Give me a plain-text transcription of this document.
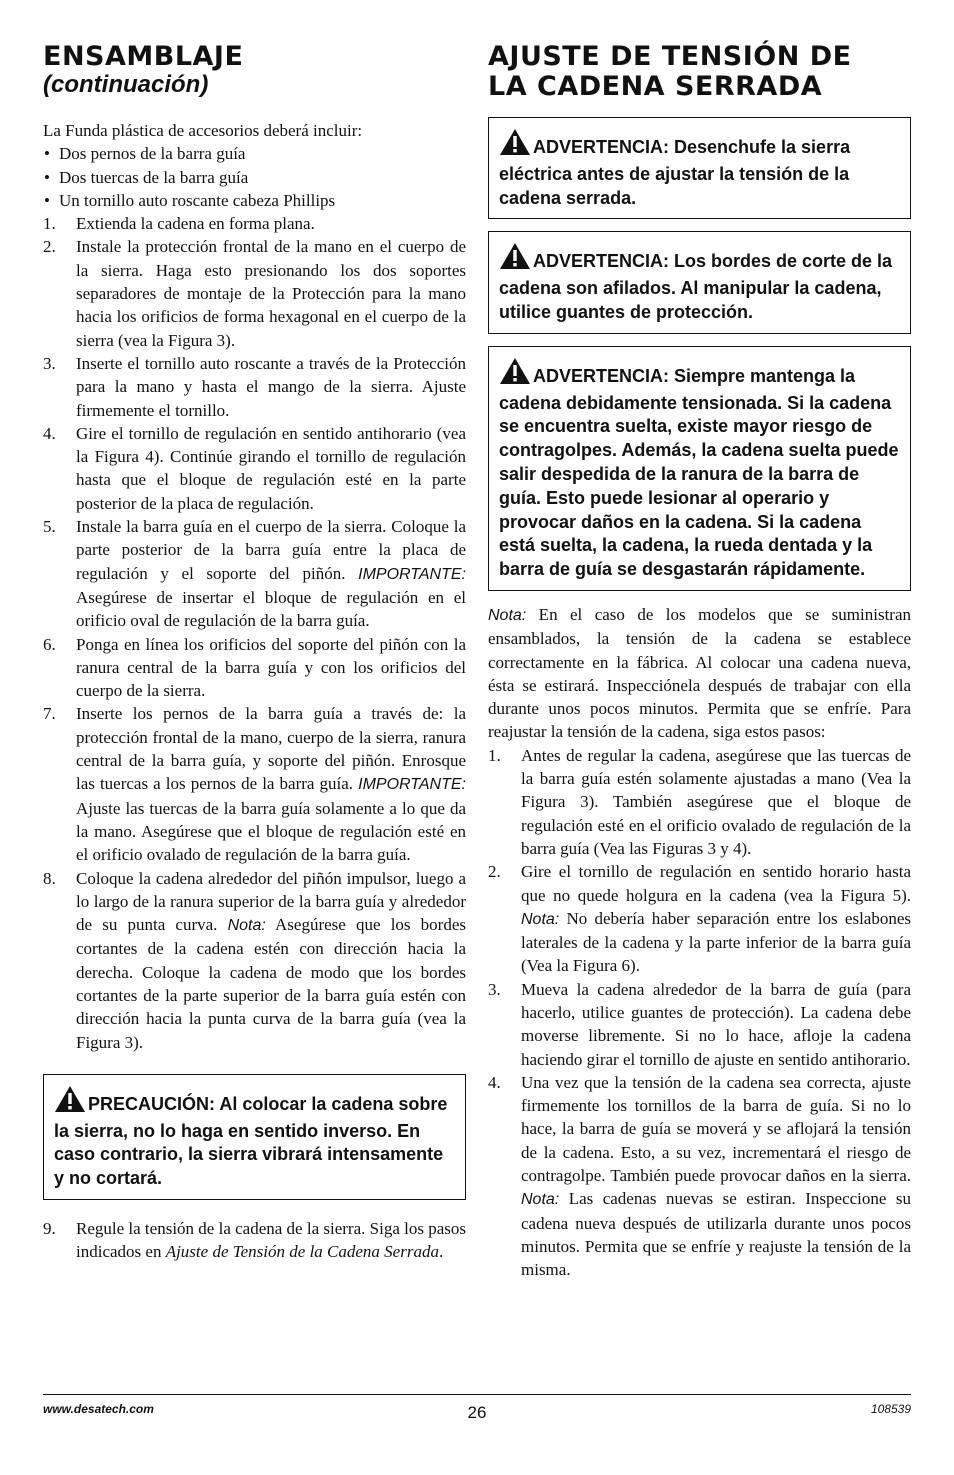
ENSAMBLAJE
(continuación)

La Funda plástica de accesorios deberá incluir:

• Dos pernos de la barra guía
• Dos tuercas de la barra guía
• Un tornillo auto roscante cabeza Phillips
1. Extienda la cadena en forma plana.
2. Instale la protección frontal de la mano en el cuerpo de la sierra. Haga esto presionando los dos soportes separadores de montaje de la Protección para la mano hacia los orificios de forma hexagonal en el cuerpo de la sierra (vea la Figura 3).
3. Inserte el tornillo auto roscante a través de la Protección para la mano y hasta el mango de la sierra. Ajuste firmemente el tornillo.
4. Gire el tornillo de regulación en sentido antihorario (vea la Figura 4). Continúe girando el tornillo de regulación hasta que el bloque de regulación esté en la parte posterior de la placa de regulación.
5. Instale la barra guía en el cuerpo de la sierra. Coloque la parte posterior de la barra guía entre la placa de regulación y el soporte del piñón. IMPORTANTE: Asegúrese de insertar el bloque de regulación en el orificio oval de regulación de la barra guía.
6. Ponga en línea los orificios del soporte del piñón con la ranura central de la barra guía y con los orificios del cuerpo de la sierra.
7. Inserte los pernos de la barra guía a través de: la protección frontal de la mano, cuerpo de la sierra, ranura central de la barra guía, y soporte del piñón. Enrosque las tuercas a los pernos de la barra guía. IMPORTANTE: Ajuste las tuercas de la barra guía solamente a lo que da la mano. Asegúrese que el bloque de regulación esté en el orificio ovalado de regulación de la barra guía.
8. Coloque la cadena alrededor del piñón impulsor, luego a lo largo de la ranura superior de la barra guía y alrededor de su punta curva. Nota: Asegúrese que los bordes cortantes de la cadena estén con dirección hacia la derecha. Coloque la cadena de modo que los bordes cortantes de la parte superior de la barra guía estén con dirección hacia la punta curva de la barra guía (vea la Figura 3).
PRECAUCIÓN: Al colocar la cadena sobre la sierra, no lo haga en sentido inverso. En caso contrario, la sierra vibrará intensamente y no cortará.
9. Regule la tensión de la cadena de la sierra. Siga los pasos indicados en Ajuste de Tensión de la Cadena Serrada.
AJUSTE DE TENSIÓN DE
LA CADENA SERRADA
ADVERTENCIA: Desenchufe la sierra eléctrica antes de ajustar la tensión de la cadena serrada.
ADVERTENCIA: Los bordes de corte de la cadena son afilados. Al manipular la cadena, utilice guantes de protección.
ADVERTENCIA: Siempre mantenga la cadena debidamente tensionada. Si la cadena se encuentra suelta, existe mayor riesgo de contragolpes. Además, la cadena suelta puede salir despedida de la ranura de la barra de guía. Esto puede lesionar al operario y provocar daños en la cadena. Si la cadena está suelta, la cadena, la rueda dentada y la barra de guía se desgastarán rápidamente.

Nota: En el caso de los modelos que se suministran ensamblados, la tensión de la cadena se establece correctamente en la fábrica. Al colocar una cadena nueva, ésta se estirará. Inspecciónela después de trabajar con ella durante unos pocos minutos. Permita que se enfríe. Para reajustar la tensión de la cadena, siga estos pasos:

1. Antes de regular la cadena, asegúrese que las tuercas de la barra guía estén solamente ajustadas a mano (Vea la Figura 3). También asegúrese que el bloque de regulación esté en el orificio ovalado de regulación de la barra guía (Vea las Figuras 3 y 4).
2. Gire el tornillo de regulación en sentido horario hasta que no quede holgura en la cadena (vea la Figura 5). Nota: No debería haber separación entre los eslabones laterales de la cadena y la parte inferior de la barra guía (Vea la Figura 6).
3. Mueva la cadena alrededor de la barra de guía (para hacerlo, utilice guantes de protección). La cadena debe moverse libremente. Si no lo hace, afloje la cadena haciendo girar el tornillo de ajuste en sentido antihorario.
4. Una vez que la tensión de la cadena sea correcta, ajuste firmemente los tornillos de la barra de guía. Si no lo hace, la barra de guía se moverá y se aflojará la tensión de la cadena. Esto, a su vez, incrementará el riesgo de contragolpe. También puede provocar daños en la sierra. Nota: Las cadenas nuevas se estiran. Inspeccione su cadena nueva después de utilizarla durante unos pocos minutos. Permita que se enfríe y reajuste la tensión de la misma.
www.desatech.com	26	108539
